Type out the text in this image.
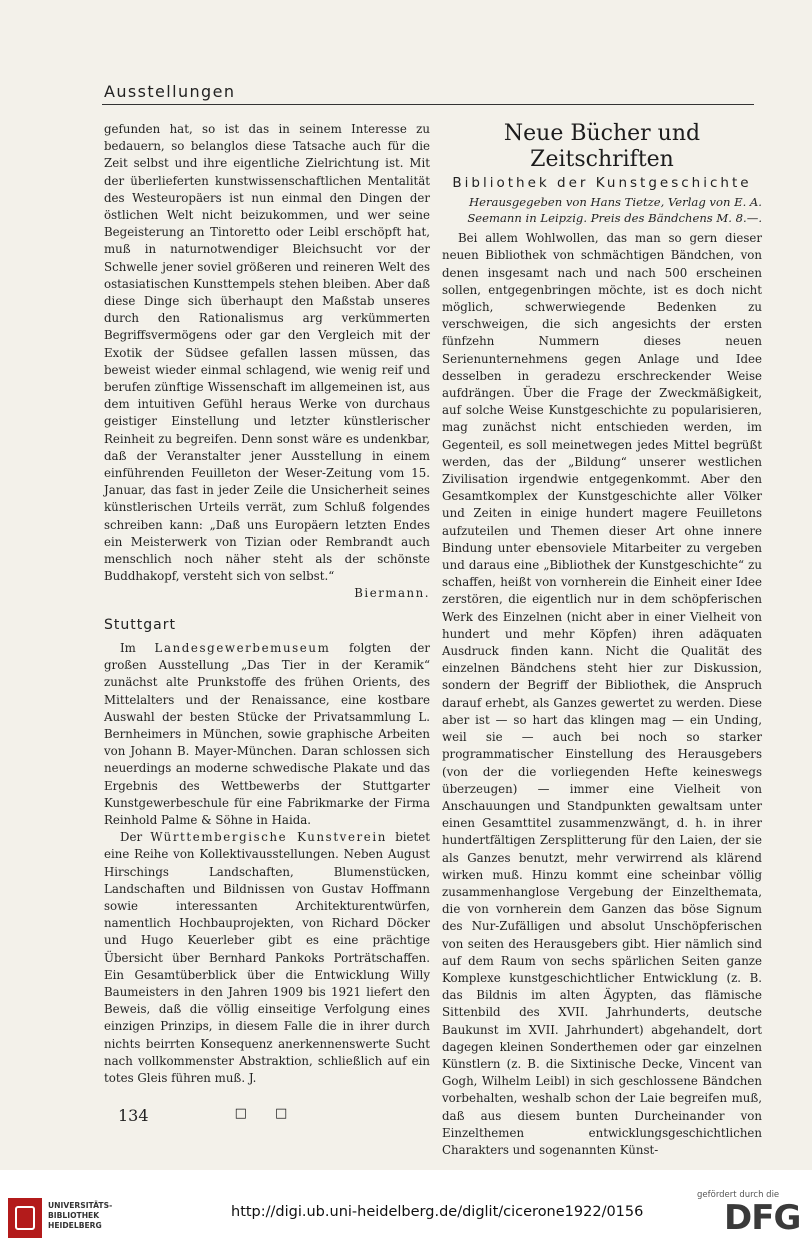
Ausstellungen

gefunden hat, so ist das in seinem Interesse zu bedauern, so belanglos diese Tatsache auch für die Zeit selbst und ihre eigentliche Zielrichtung ist. Mit der überlieferten kunstwissenschaftlichen Mentalität des Westeuropäers ist nun einmal den Dingen der östlichen Welt nicht beizukommen, und wer seine Begeisterung an Tintoretto oder Leibl erschöpft hat, muß in naturnotwendiger Bleichsucht vor der Schwelle jener soviel größeren und reineren Welt des ostasiatischen Kunsttempels stehen bleiben. Aber daß diese Dinge sich überhaupt den Maßstab unseres durch den Rationalismus arg verkümmerten Begriffsvermögens oder gar den Vergleich mit der Exotik der Südsee gefallen lassen müssen, das beweist wieder einmal schlagend, wie wenig reif und berufen zünftige Wissenschaft im allgemeinen ist, aus dem intuitiven Gefühl heraus Werke von durchaus geistiger Einstellung und letzter künstlerischer Reinheit zu begreifen. Denn sonst wäre es undenkbar, daß der Veranstalter jener Ausstellung in einem einführenden Feuilleton der Weser-Zeitung vom 15. Januar, das fast in jeder Zeile die Unsicherheit seines künstlerischen Urteils verrät, zum Schluß folgendes schreiben kann: „Daß uns Europäern letzten Endes ein Meisterwerk von Tizian oder Rembrandt auch menschlich noch näher steht als der schönste Buddhakopf, versteht sich von selbst.“
Biermann.

Stuttgart

Im Landesgewerbemuseum folgten der großen Ausstellung „Das Tier in der Keramik“ zunächst alte Prunkstoffe des frühen Orients, des Mittelalters und der Renaissance, eine kostbare Auswahl der besten Stücke der Privatsammlung L. Bernheimers in München, sowie graphische Arbeiten von Johann B. Mayer-München. Daran schlossen sich neuerdings an moderne schwedische Plakate und das Ergebnis des Wettbewerbs der Stuttgarter Kunstgewerbeschule für eine Fabrikmarke der Firma Reinhold Palme & Söhne in Haida.

Der Württembergische Kunstverein bietet eine Reihe von Kollektivausstellungen. Neben August Hirschings Landschaften, Blumenstücken, Landschaften und Bildnissen von Gustav Hoffmann sowie interessanten Architekturentwürfen, namentlich Hochbauprojekten, von Richard Döcker und Hugo Keuerleber gibt es eine prächtige Übersicht über Bernhard Pankoks Porträtschaffen. Ein Gesamtüberblick über die Entwicklung Willy Baumeisters in den Jahren 1909 bis 1921 liefert den Beweis, daß die völlig einseitige Verfolgung eines einzigen Prinzips, in diesem Falle die in ihrer durch nichts beirrten Konsequenz anerkennenswerte Sucht nach vollkommenster Abstraktion, schließlich auf ein totes Gleis führen muß. J.

□ □
Neue Bücher und Zeitschriften
Bibliothek der Kunstgeschichte
Herausgegeben von Hans Tietze, Verlag von E. A. Seemann in Leipzig. Preis des Bändchens M. 8.—.

Bei allem Wohlwollen, das man so gern dieser neuen Bibliothek von schmächtigen Bändchen, von denen insgesamt nach und nach 500 erscheinen sollen, entgegenbringen möchte, ist es doch nicht möglich, schwerwiegende Bedenken zu verschweigen, die sich angesichts der ersten fünfzehn Nummern dieses neuen Serienunternehmens gegen Anlage und Idee desselben in geradezu erschreckender Weise aufdrängen. Über die Frage der Zweckmäßigkeit, auf solche Weise Kunstgeschichte zu popularisieren, mag zunächst nicht entschieden werden, im Gegenteil, es soll meinetwegen jedes Mittel begrüßt werden, das der „Bildung“ unserer westlichen Zivilisation irgendwie entgegenkommt. Aber den Gesamtkomplex der Kunstgeschichte aller Völker und Zeiten in einige hundert magere Feuilletons aufzuteilen und Themen dieser Art ohne innere Bindung unter ebensoviele Mitarbeiter zu vergeben und daraus eine „Bibliothek der Kunstgeschichte“ zu schaffen, heißt von vornherein die Einheit einer Idee zerstören, die eigentlich nur in dem schöpferischen Werk des Einzelnen (nicht aber in einer Vielheit von hundert und mehr Köpfen) ihren adäquaten Ausdruck finden kann. Nicht die Qualität des einzelnen Bändchens steht hier zur Diskussion, sondern der Begriff der Bibliothek, die Anspruch darauf erhebt, als Ganzes gewertet zu werden. Diese aber ist — so hart das klingen mag — ein Unding, weil sie — auch bei noch so starker programmatischer Einstellung des Herausgebers (von der die vorliegenden Hefte keineswegs überzeugen) — immer eine Vielheit von Anschauungen und Standpunkten gewaltsam unter einen Gesamttitel zusammenzwängt, d. h. in ihrer hundertfältigen Zersplitterung für den Laien, der sie als Ganzes benutzt, mehr verwirrend als klärend wirken muß. Hinzu kommt eine scheinbar völlig zusammenhanglose Vergebung der Einzelthemata, die von vornherein dem Ganzen das böse Signum des Nur-Zufälligen und absolut Unschöpferischen von seiten des Herausgebers gibt. Hier nämlich sind auf dem Raum von sechs spärlichen Seiten ganze Komplexe kunstgeschichtlicher Entwicklung (z. B. das Bildnis im alten Ägypten, das flämische Sittenbild des XVII. Jahrhunderts, deutsche Baukunst im XVII. Jahrhundert) abgehandelt, dort dagegen kleinen Sonderthemen oder gar einzelnen Künstlern (z. B. die Sixtinische Decke, Vincent van Gogh, Wilhelm Leibl) in sich geschlossene Bändchen vorbehalten, weshalb schon der Laie begreifen muß, daß aus diesem bunten Durcheinander von Einzelthemen entwicklungsgeschichtlichen Charakters und sogenannten Künst-

134
UNIVERSITÄTS-
BIBLIOTHEK
HEIDELBERG
http://digi.ub.uni-heidelberg.de/diglit/cicerone1922/0156
gefördert durch die
DFG
